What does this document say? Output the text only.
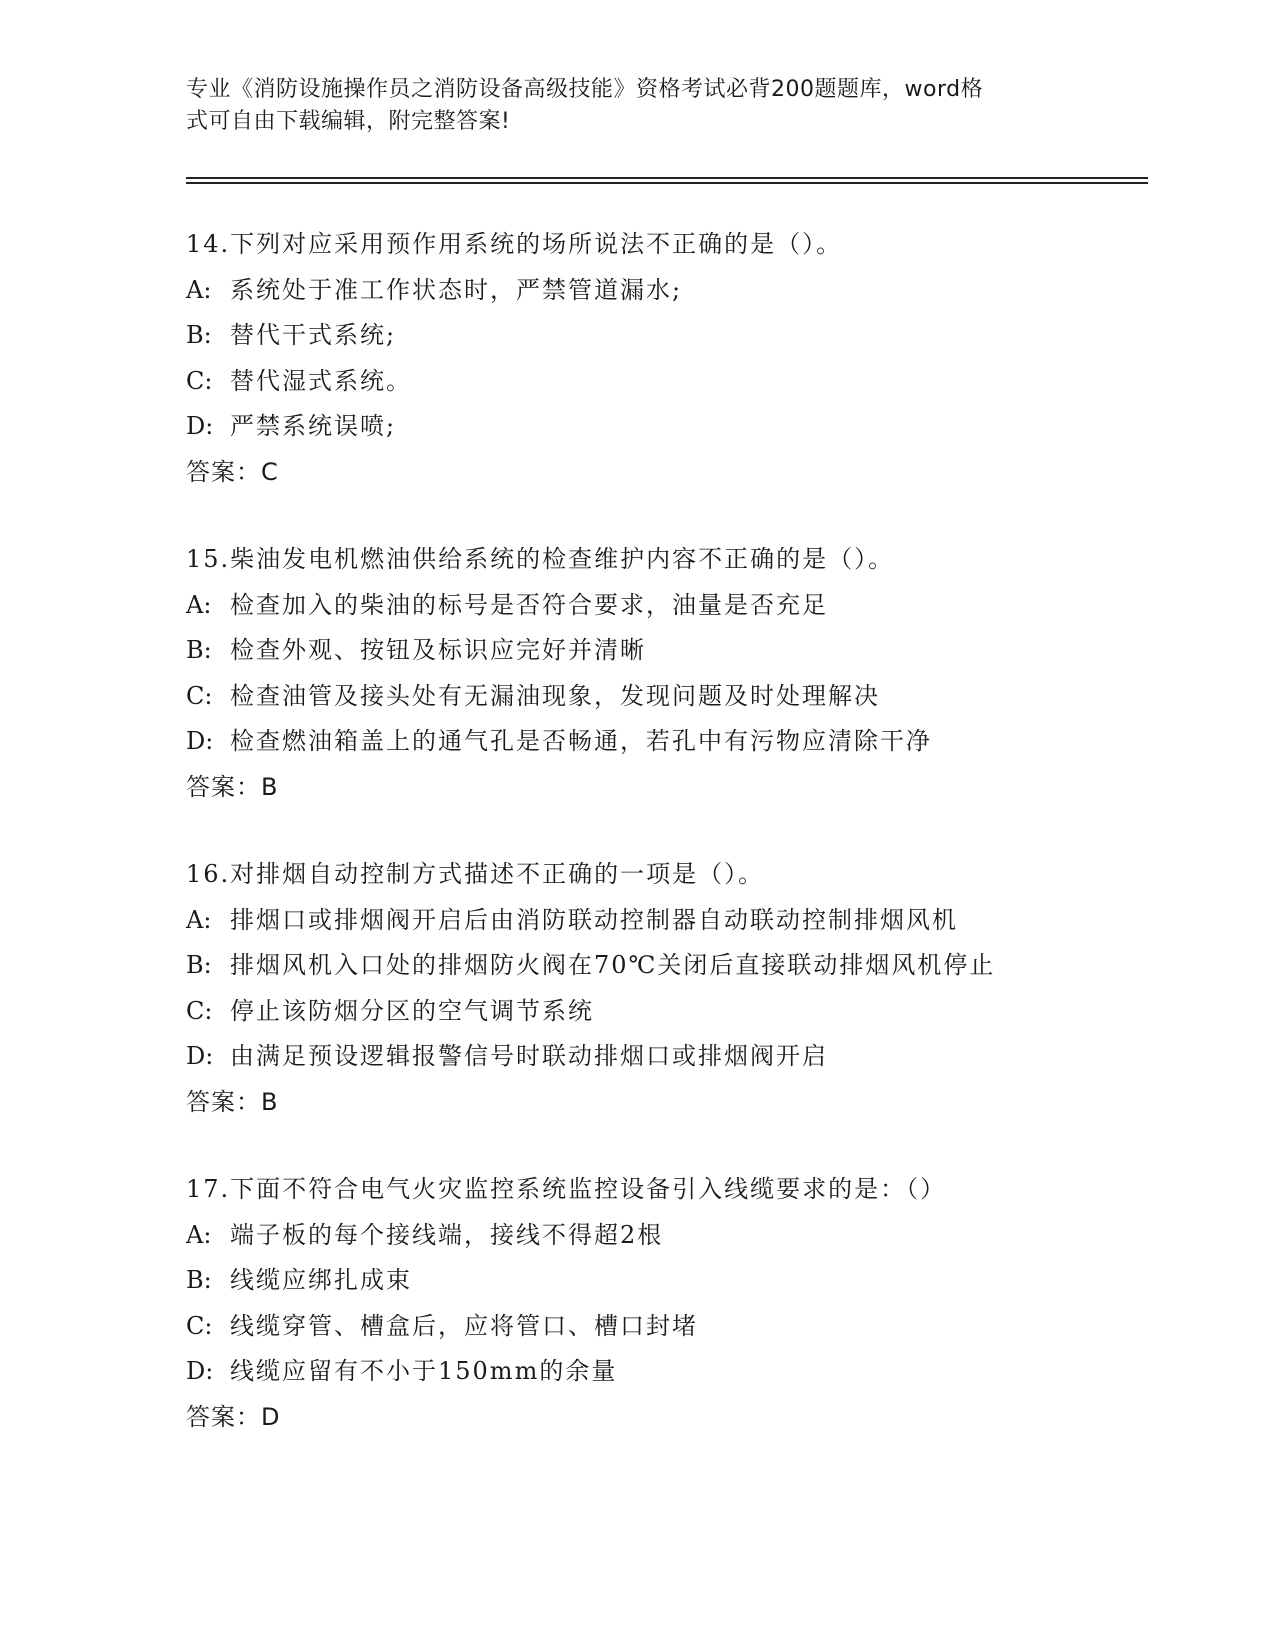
专业《消防设施操作员之消防设备高级技能》资格考试必背200题题库，word格
式可自由下载编辑，附完整答案!
14.下列对应采用预作用系统的场所说法不正确的是（）。
A: 系统处于准工作状态时，严禁管道漏水;
B: 替代干式系统;
C: 替代湿式系统。
D: 严禁系统误喷;
答案：C
15.柴油发电机燃油供给系统的检查维护内容不正确的是（）。
A: 检查加入的柴油的标号是否符合要求，油量是否充足
B: 检查外观、按钮及标识应完好并清晰
C: 检查油管及接头处有无漏油现象，发现问题及时处理解决
D: 检查燃油箱盖上的通气孔是否畅通，若孔中有污物应清除干净
答案：B
16.对排烟自动控制方式描述不正确的一项是（）。
A: 排烟口或排烟阀开启后由消防联动控制器自动联动控制排烟风机
B: 排烟风机入口处的排烟防火阀在70℃关闭后直接联动排烟风机停止
C: 停止该防烟分区的空气调节系统
D: 由满足预设逻辑报警信号时联动排烟口或排烟阀开启
答案：B
17.下面不符合电气火灾监控系统监控设备引入线缆要求的是：（）
A: 端子板的每个接线端，接线不得超2根
B: 线缆应绑扎成束
C: 线缆穿管、槽盒后，应将管口、槽口封堵
D: 线缆应留有不小于150mm的余量
答案：D
